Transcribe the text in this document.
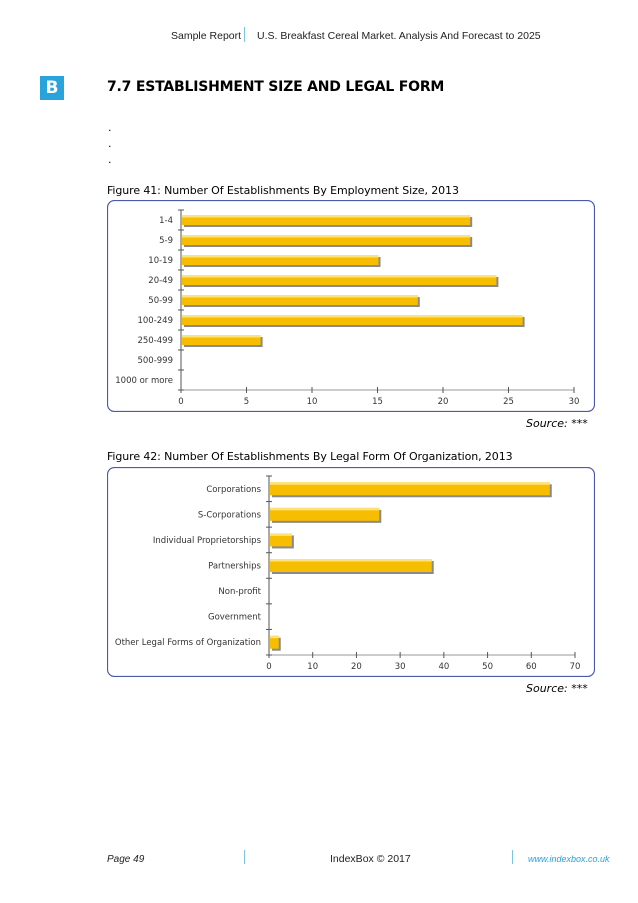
Sample Report U.S. Breakfast Cereal Market. Analysis And Forecast to 2025
B	7.7 ESTABLISHMENT SIZE AND LEGAL FORM
.
.
.
Figure 41: Number Of Establishments By Employment Size, 2013
0	5	10	15	20	25	30
1-4
5-9
10-19
20-49
50-99
100-249
250-499
500-999
1000 or more
Source: ***
Figure 42: Number Of Establishments By Legal Form Of Organization, 2013
0	10	20	30	40	50	60	70
Corporations
S-Corporations
Individual Proprietorships
Partnerships
Non-profit
Government
Other Legal Forms of Organization
Source: ***
Page 49	IndexBox © 2017	www.indexbox.co.uk
